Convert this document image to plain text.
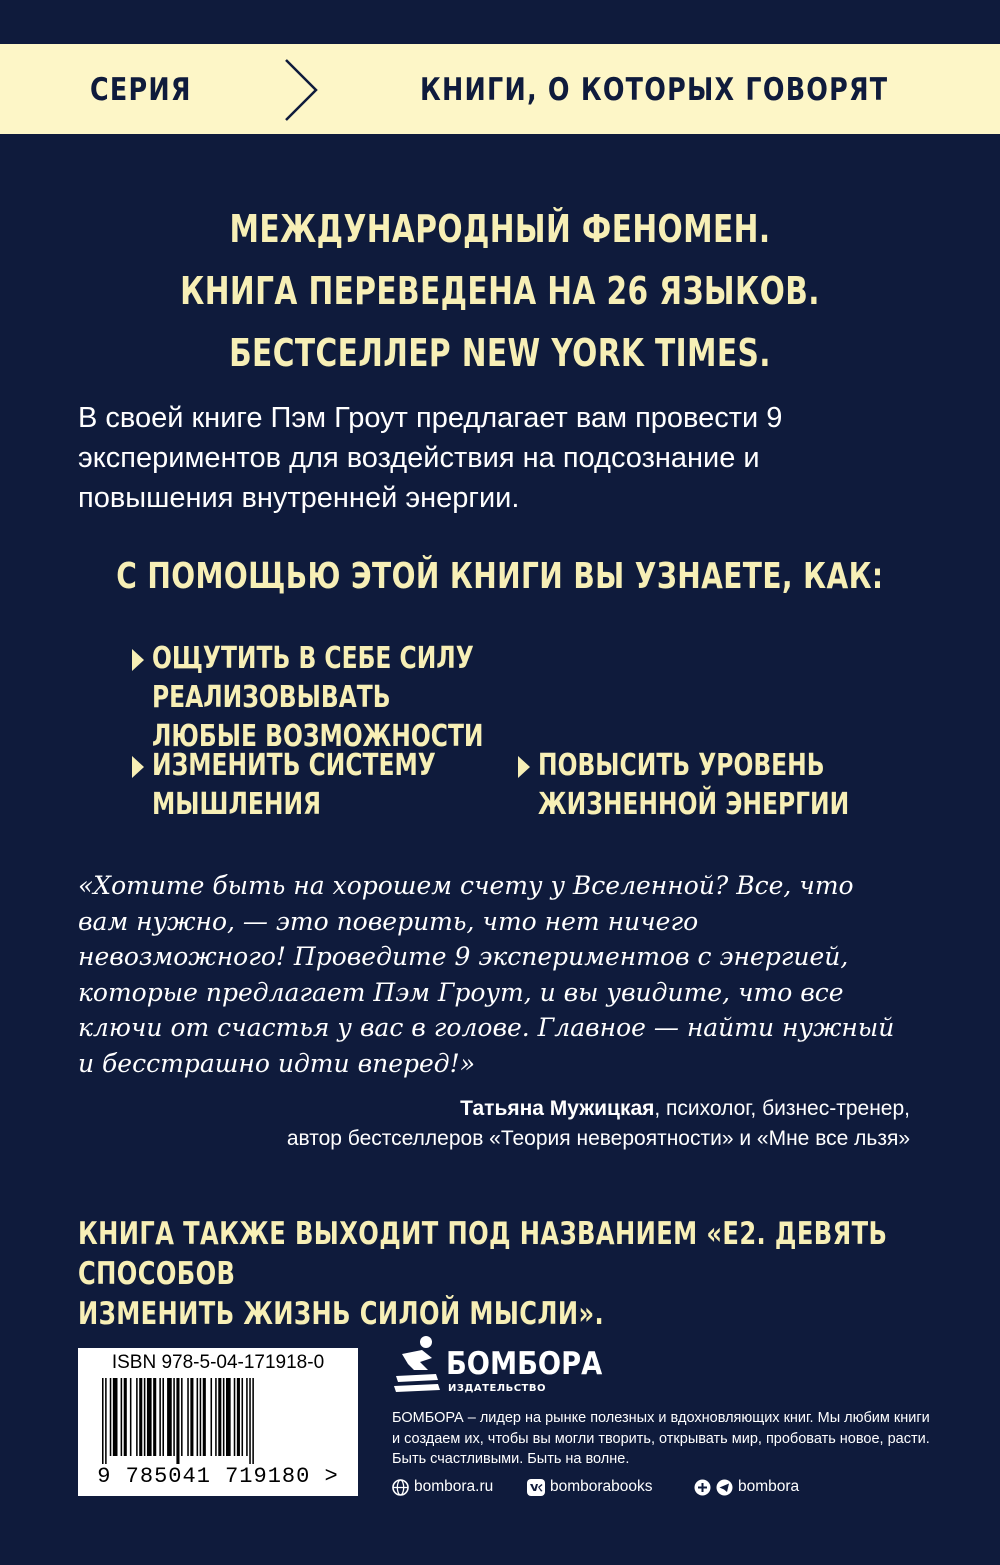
СЕРИЯ	КНИГИ, О КОТОРЫХ ГОВОРЯТ
МЕЖДУНАРОДНЫЙ ФЕНОМЕН.
КНИГА ПЕРЕВЕДЕНА НА 26 ЯЗЫКОВ.
БЕСТСЕЛЛЕР NEW YORK TIMES.
В своей книге Пэм Гроут предлагает вам провести 9 экспериментов для воздействия на подсознание и повышения внутренней энергии.
С ПОМОЩЬЮ ЭТОЙ КНИГИ ВЫ УЗНАЕТЕ, КАК:
ОЩУТИТЬ В СЕБЕ СИЛУ РЕАЛИЗОВЫВАТЬ
ЛЮБЫЕ ВОЗМОЖНОСТИ
ИЗМЕНИТЬ СИСТЕМУ
МЫШЛЕНИЯ
ПОВЫСИТЬ УРОВЕНЬ
ЖИЗНЕННОЙ ЭНЕРГИИ
«Хотите быть на хорошем счету у Вселенной? Все, что вам нужно, — это поверить, что нет ничего невозможного! Проведите 9 экспериментов с энергией, которые предлагает Пэм Гроут, и вы увидите, что все ключи от счастья у вас в голове. Главное — найти нужный и бесстрашно идти вперед!»
Татьяна Мужицкая, психолог, бизнес-тренер,
автор бестселлеров «Теория невероятности» и «Мне все льзя»
КНИГА ТАКЖЕ ВЫХОДИТ ПОД НАЗВАНИЕМ «Е2. ДЕВЯТЬ СПОСОБОВ
ИЗМЕНИТЬ ЖИЗНЬ СИЛОЙ МЫСЛИ».
ISBN 978-5-04-171918-0
9 785041 719180 >
БОМБОРА
ИЗДАТЕЛЬСТВО
БОМБОРА – лидер на рынке полезных и вдохновляющих книг. Мы любим книги и создаем их, чтобы вы могли творить, открывать мир, пробовать новое, расти. Быть счастливыми. Быть на волне.
bombora.ru	bomborabooks	bombora
